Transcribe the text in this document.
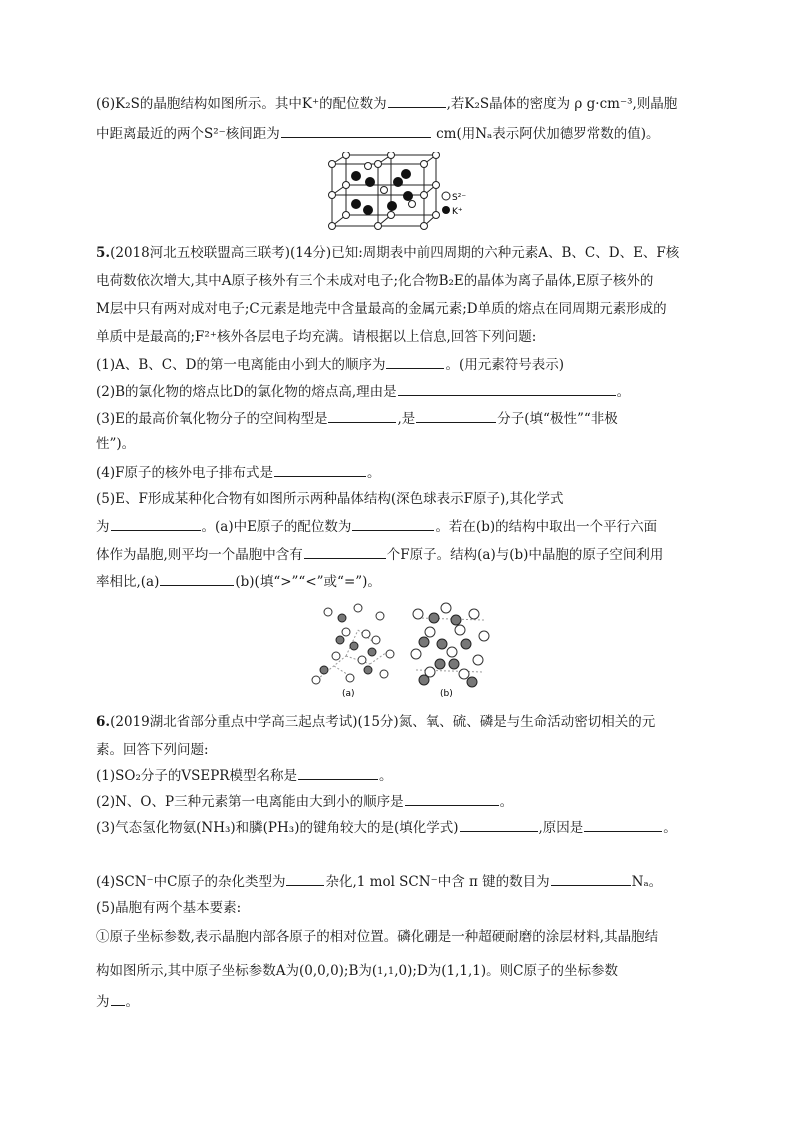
(6)K₂S的晶胞结构如图所示。其中K⁺的配位数为	,若K₂S晶体的密度为 ρ g·cm⁻³,则晶胞
中距离最近的两个S²⁻核间距为	cm(用Nₐ表示阿伏加德罗常数的值)。
S²⁻
K⁺
5.(2018河北五校联盟高三联考)(14分)已知:周期表中前四周期的六种元素A、B、C、D、E、F核
电荷数依次增大,其中A原子核外有三个未成对电子;化合物B₂E的晶体为离子晶体,E原子核外的
M层中只有两对成对电子;C元素是地壳中含量最高的金属元素;D单质的熔点在同周期元素形成的
单质中是最高的;F²⁺核外各层电子均充满。请根据以上信息,回答下列问题:
(1)A、B、C、D的第一电离能由小到大的顺序为	。(用元素符号表示)
(2)B的氯化物的熔点比D的氯化物的熔点高,理由是	。
(3)E的最高价氧化物分子的空间构型是	,是	分子(填“极性”“非极
性”)。
(4)F原子的核外电子排布式是	。
(5)E、F形成某种化合物有如图所示两种晶体结构(深色球表示F原子),其化学式
为	。(a)中E原子的配位数为	。若在(b)的结构中取出一个平行六面
体作为晶胞,则平均一个晶胞中含有	个F原子。结构(a)与(b)中晶胞的原子空间利用
率相比,(a)	(b)(填“>”“<”或“=”)。
(a)	(b)
6.(2019湖北省部分重点中学高三起点考试)(15分)氮、氧、硫、磷是与生命活动密切相关的元
素。回答下列问题:
(1)SO₂分子的VSEPR模型名称是	。
(2)N、O、P三种元素第一电离能由大到小的顺序是	。
(3)气态氢化物氨(NH₃)和膦(PH₃)的键角较大的是(填化学式)	,原因是	。
(4)SCN⁻中C原子的杂化类型为	杂化,1 mol SCN⁻中含 π 键的数目为	Nₐ。
(5)晶胞有两个基本要素:
①原子坐标参数,表示晶胞内部各原子的相对位置。磷化硼是一种超硬耐磨的涂层材料,其晶胞结
构如图所示,其中原子坐标参数A为(0,0,0);B为(1,1,0);D为(1,1,1)。则C原子的坐标参数
为 。
